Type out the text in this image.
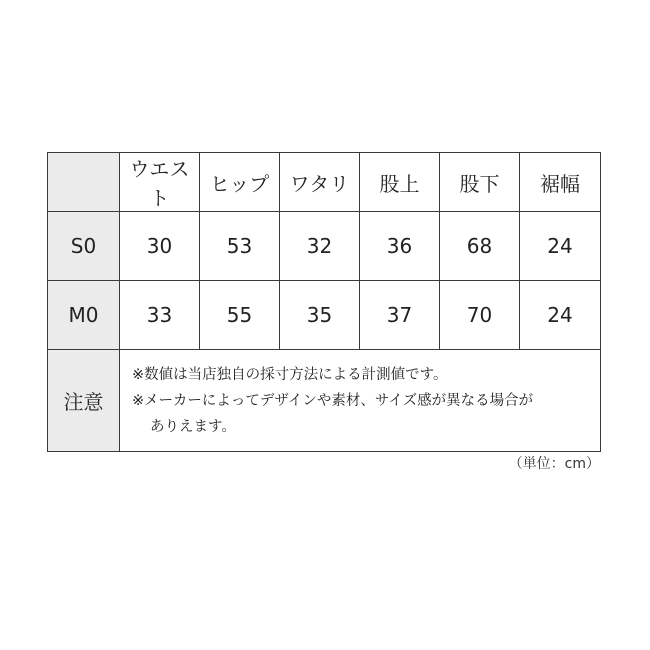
	ウエスト	ヒップ	ワタリ	股上	股下	裾幅
S0	30	53	32	36	68	24
M0	33	55	35	37	70	24
注意	※数値は当店独自の採寸方法による計測値です。
※メーカーによってデザインや素材、サイズ感が異なる場合が
ありえます。					
（単位：cm）
